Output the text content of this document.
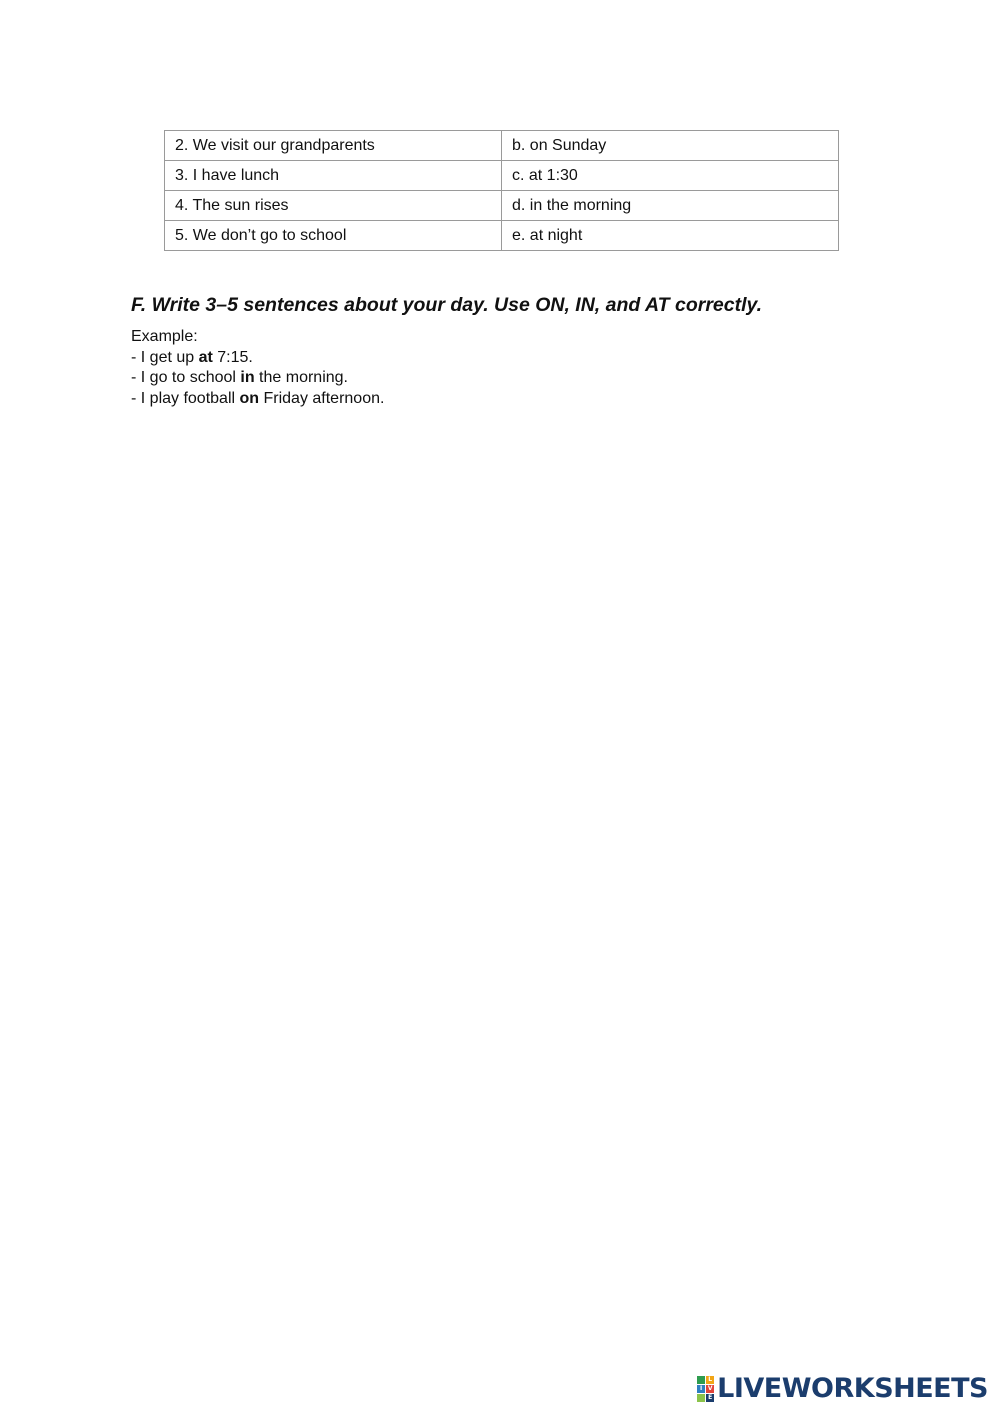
2. We visit our grandparents	b. on Sunday
3. I have lunch	c. at 1:30
4. The sun rises	d. in the morning
5. We don’t go to school	e. at night
F. Write 3–5 sentences about your day. Use ON, IN, and AT correctly.
Example:
- I get up at 7:15.
- I go to school in the morning.
- I play football on Friday afternoon.
L
I V
E LIVEWORKSHEETS
